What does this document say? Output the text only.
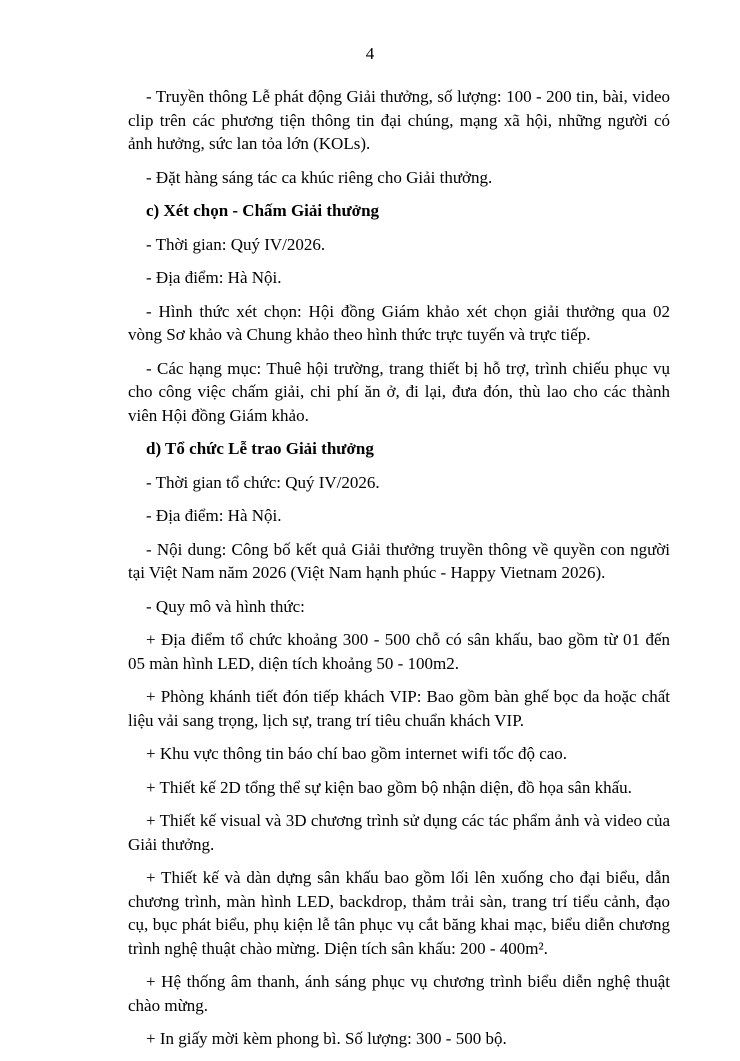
4

- Truyền thông Lễ phát động Giải thưởng, số lượng: 100 - 200 tin, bài, video clip trên các phương tiện thông tin đại chúng, mạng xã hội, những người có ảnh hưởng, sức lan tỏa lớn (KOLs).

- Đặt hàng sáng tác ca khúc riêng cho Giải thưởng.

c) Xét chọn - Chấm Giải thưởng

- Thời gian: Quý IV/2026.

- Địa điểm: Hà Nội.

- Hình thức xét chọn: Hội đồng Giám khảo xét chọn giải thưởng qua 02 vòng Sơ khảo và Chung khảo theo hình thức trực tuyến và trực tiếp.

- Các hạng mục: Thuê hội trường, trang thiết bị hỗ trợ, trình chiếu phục vụ cho công việc chấm giải, chi phí ăn ở, đi lại, đưa đón, thù lao cho các thành viên Hội đồng Giám khảo.

d) Tổ chức Lễ trao Giải thưởng

- Thời gian tổ chức: Quý IV/2026.

- Địa điểm: Hà Nội.

- Nội dung: Công bố kết quả Giải thưởng truyền thông về quyền con người tại Việt Nam năm 2026 (Việt Nam hạnh phúc - Happy Vietnam 2026).

- Quy mô và hình thức:

+ Địa điểm tổ chức khoảng 300 - 500 chỗ có sân khấu, bao gồm từ 01 đến 05 màn hình LED, diện tích khoảng 50 - 100m2.

+ Phòng khánh tiết đón tiếp khách VIP: Bao gồm bàn ghế bọc da hoặc chất liệu vải sang trọng, lịch sự, trang trí tiêu chuẩn khách VIP.

+ Khu vực thông tin báo chí bao gồm internet wifi tốc độ cao.

+ Thiết kế 2D tổng thể sự kiện bao gồm bộ nhận diện, đồ họa sân khấu.

+ Thiết kế visual và 3D chương trình sử dụng các tác phẩm ảnh và video của Giải thưởng.

+ Thiết kế và dàn dựng sân khấu bao gồm lối lên xuống cho đại biểu, dẫn chương trình, màn hình LED, backdrop, thảm trải sàn, trang trí tiểu cảnh, đạo cụ, bục phát biểu, phụ kiện lễ tân phục vụ cắt băng khai mạc, biểu diễn chương trình nghệ thuật chào mừng. Diện tích sân khấu: 200 - 400m².

+ Hệ thống âm thanh, ánh sáng phục vụ chương trình biểu diễn nghệ thuật chào mừng.

+ In giấy mời kèm phong bì. Số lượng: 300 - 500 bộ.
